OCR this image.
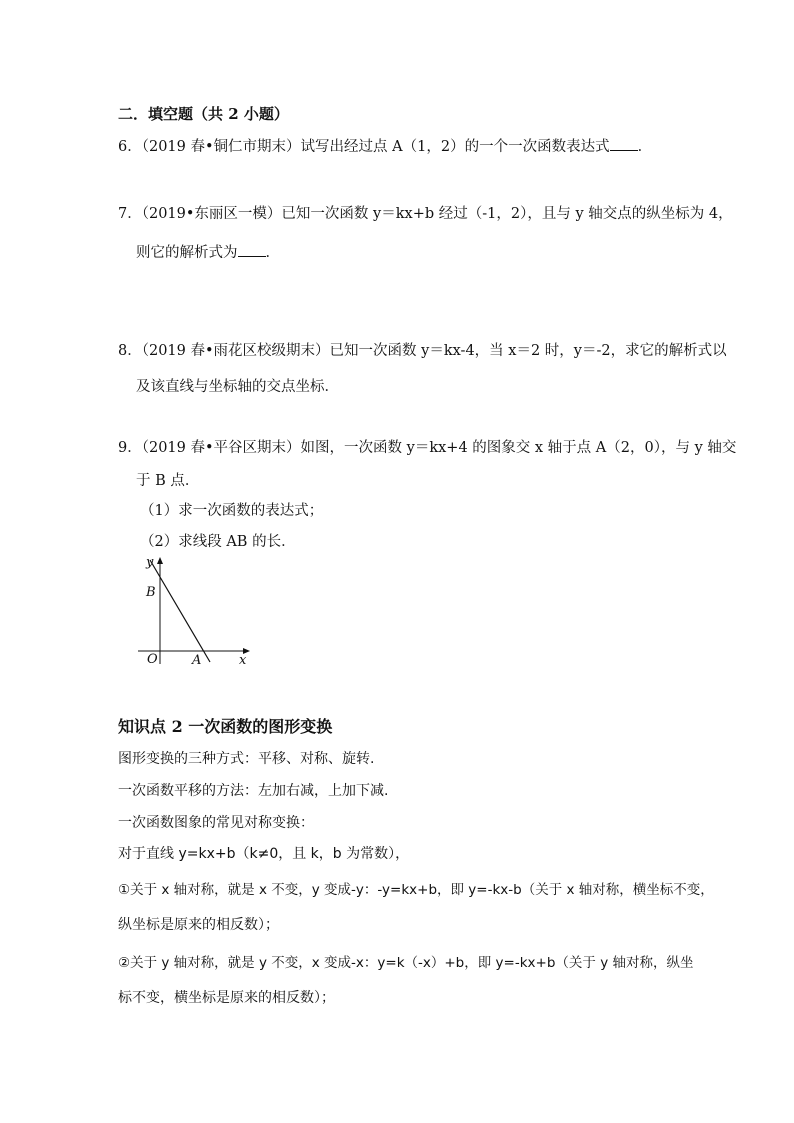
二．填空题（共 2 小题）
6．（2019 春•铜仁市期末）试写出经过点 A（1，2）的一个一次函数表达式 ．
7．（2019•东丽区一模）已知一次函数 y＝kx+b 经过（-1，2），且与 y 轴交点的纵坐标为 4，
则它的解析式为 ．
8．（2019 春•雨花区校级期末）已知一次函数 y＝kx-4，当 x＝2 时，y＝-2，求它的解析式以
及该直线与坐标轴的交点坐标．
9．（2019 春•平谷区期末）如图，一次函数 y＝kx+4 的图象交 x 轴于点 A（2，0），与 y 轴交
于 B 点．
（1）求一次函数的表达式；
（2）求线段 AB 的长．
y
B
O	A	x
知识点 2 一次函数的图形变换
图形变换的三种方式：平移、对称、旋转.
一次函数平移的方法：左加右减，上加下减.
一次函数图象的常见对称变换：
对于直线 y=kx+b（k≠0，且 k，b 为常数），
①关于 x 轴对称，就是 x 不变，y 变成-y：-y=kx+b，即 y=-kx-b（关于 x 轴对称，横坐标不变，
纵坐标是原来的相反数）；
②关于 y 轴对称，就是 y 不变，x 变成-x：y=k（-x）+b，即 y=-kx+b（关于 y 轴对称，纵坐
标不变，横坐标是原来的相反数）；
